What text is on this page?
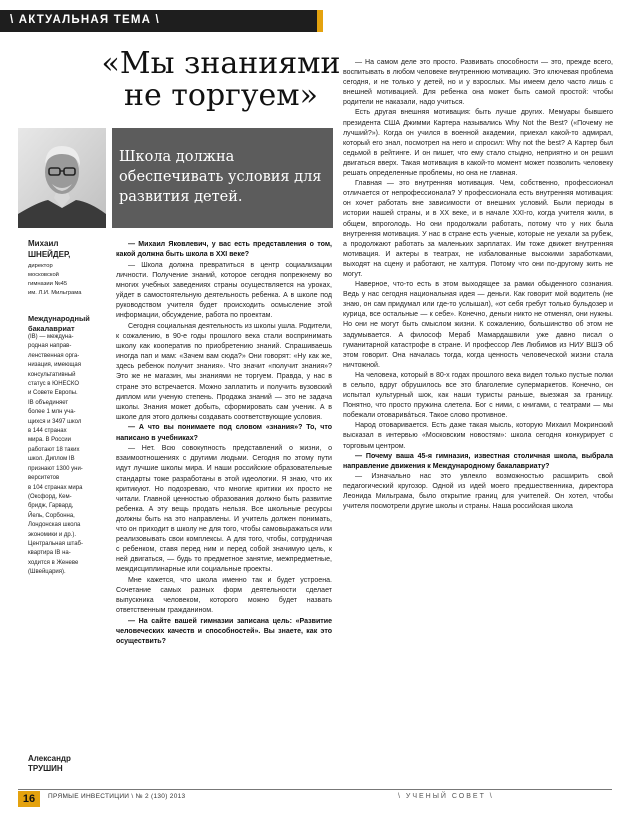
\ АКТУАЛЬНАЯ ТЕМА \
«Мы знаниями
не торгуем»
Школа должна обеспечивать условия для развития детей.

Михаил

ШНЕЙДЕР,

директор

московской

гимназии №45

им. Л.И. Мильграма

Международный

бакалавриат

(IB) — междуна-

родная направ-

ленственная орга-

низация, имеющая

консультативный

статус в ЮНЕСКО

и Совете Европы.

IB объединяет

более 1 млн уча-

щихся и 3497 школ

в 144 странах

мира. В России

работают 18 таких

школ. Диплом IB

признают 1300 уни-

верситетов

в 104 странах мира

(Оксфорд, Кем-

бридж, Гарвард,

Йель, Сорбонна,

Лондонская школа

экономики и др.).

Центральная штаб-

квартира IB на-

ходится в Женеве

(Швейцария).

Александр
ТРУШИН

— Михаил Яковлевич, у вас есть представления о том, какой должна быть школа в XXI веке?

— Школа должна превратиться в центр социализации личности. Получение знаний, которое сегодня попрежнему во многих учебных заведениях страны осуществляется на уроках, уйдет в самостоятельную деятельность ребенка. А в школе под руководством учителя будет происходить осмысление этой информации, обсуждение, работа по проектам.

Сегодня социальная деятельность из школы ушла. Родители, к сожалению, в 90-е годы прошлого века стали воспринимать школу как кооператив по приобретению знаний. Спрашиваешь иногда пап и мам: «Зачем вам сюда?» Они говорят: «Ну как же, здесь ребенок получит знания». Что значит «получит знания»? Это же не магазин, мы знаниями не торгуем. Правда, у нас в стране это встречается. Можно заплатить и получить вузовский диплом или ученую степень. Продажа знаний — это не задача школы. Знания может добыть, сформировать сам ученик. А в школе для этого должны создавать соответствующие условия.

— А что вы понимаете под словом «знания»? То, что написано в учебниках?

— Нет. Всю совокупность представлений о жизни, о взаимоотношениях с другими людьми. Сегодня по этому пути идут лучшие школы мира. И наши российские образовательные стандарты тоже разработаны в этой идеологии. Я знаю, что их критикуют. Но подозреваю, что многие критики их просто не читали. Главной ценностью образования должно быть развитие ребенка. А эту вещь продать нельзя. Все школьные ресурсы должны быть на это направлены. И учитель должен понимать, что он приходит в школу не для того, чтобы самовыражаться или реализовывать свои комплексы. А для того, чтобы, сотрудничая с ребенком, ставя перед ним и перед собой значимую цель, к ней двигаться, — будь то предметное занятие, межпредметные, междисциплинарные или социальные проекты.

Мне кажется, что школа именно так и будет устроена. Сочетание самых разных форм деятельности сделает выпускника человеком, которого можно будет назвать ответственным гражданином.

— На сайте вашей гимназии записана цель: «Развитие человеческих качеств и способностей». Вы знаете, как это осуществить?

— На самом деле это просто. Развивать способности — это, прежде всего, воспитывать в любом человеке внутреннюю мотивацию. Это ключевая проблема сегодня, и не только у детей, но и у взрослых. Мы имеем дело часто лишь с внешней мотивацией. Для ребенка она может быть самой простой: чтобы родители не наказали, надо учиться.

Есть другая внешняя мотивация: быть лучше других. Мемуары бывшего президента США Джимми Картера назывались Why Not the Best? («Почему не лучший?»). Когда он учился в военной академии, приехал какой-то адмирал, который его знал, посмотрел на него и спросил: Why not the best? А Картер был седьмой в рейтинге. И он пишет, что ему стало стыдно, неприятно и он решил двигаться вверх. Такая мотивация в какой-то момент может позволить человеку решать определенные проблемы, но она не главная.

Главная — это внутренняя мотивация. Чем, собственно, профессионал отличается от непрофессионала? У профессионала есть внутренняя мотивация: он хочет работать вне зависимости от внешних условий. Были периоды в истории нашей страны, и в XX веке, и в начале XXI-го, когда учителя жили, в общем, впроголодь. Но они продолжали работать, потому что у них была внутренняя мотивация. У нас в стране есть ученые, которые не уехали за рубеж, а продолжают работать за маленьких зарплатах. Им тоже движет внутренняя мотивация. И актеры в театрах, не избалованные высокими заработками, выходят на сцену и работают, не халтуря. Потому что они по-другому жить не могут.

Наверное, что-то есть в этом выходящее за рамки обыденного сознания. Ведь у нас сегодня национальная идея — деньги. Как говорит мой водитель (не знаю, он сам придумал или где-то услышал), «от себя гребут только бульдозер и курица, все остальные — к себе». Конечно, деньги никто не отменял, они нужны. Но они не могут быть смыслом жизни. К сожалению, большинство об этом не задумывается. А философ Мераб Мамардашвили уже давно писал о гуманитарной катастрофе в стране. И профессор Лев Любимов из НИУ ВШЭ об этом говорит. Она началась тогда, когда ценность человеческой жизни стала ничтожной.

На человека, который в 80-х годах прошлого века видел только пустые полки в сельпо, вдруг обрушилось все это благолепие супермаркетов. Конечно, он испытал культурный шок, как наши туристы раньше, выезжая за границу. Понятно, что просто пружина слетела. Бог с ними, с книгами, с театрами — мы побежали отоваривáться. Такое слово противное.

Народ отоваривается. Есть даже такая мысль, которую Михаил Мокринский высказал в интервью «Московским новостям»: школа сегодня конкурирует с торговым центром.

— Почему ваша 45-я гимназия, известная столичная школа, выбрала направление движения к Международному бакалавриату?

— Изначально нас это увлекло возможностью расширить свой педагогический кругозор. Одной из идей моего предшественника, директора Леонида Мильграма, было открытие границ для учителей. Он хотел, чтобы учителя посмотрели другие школы и страны. Наша российская школа

16	ПРЯМЫЕ ИНВЕСТИЦИИ \ № 2 (130) 2013	\ УЧЕНЫЙ СОВЕТ \
